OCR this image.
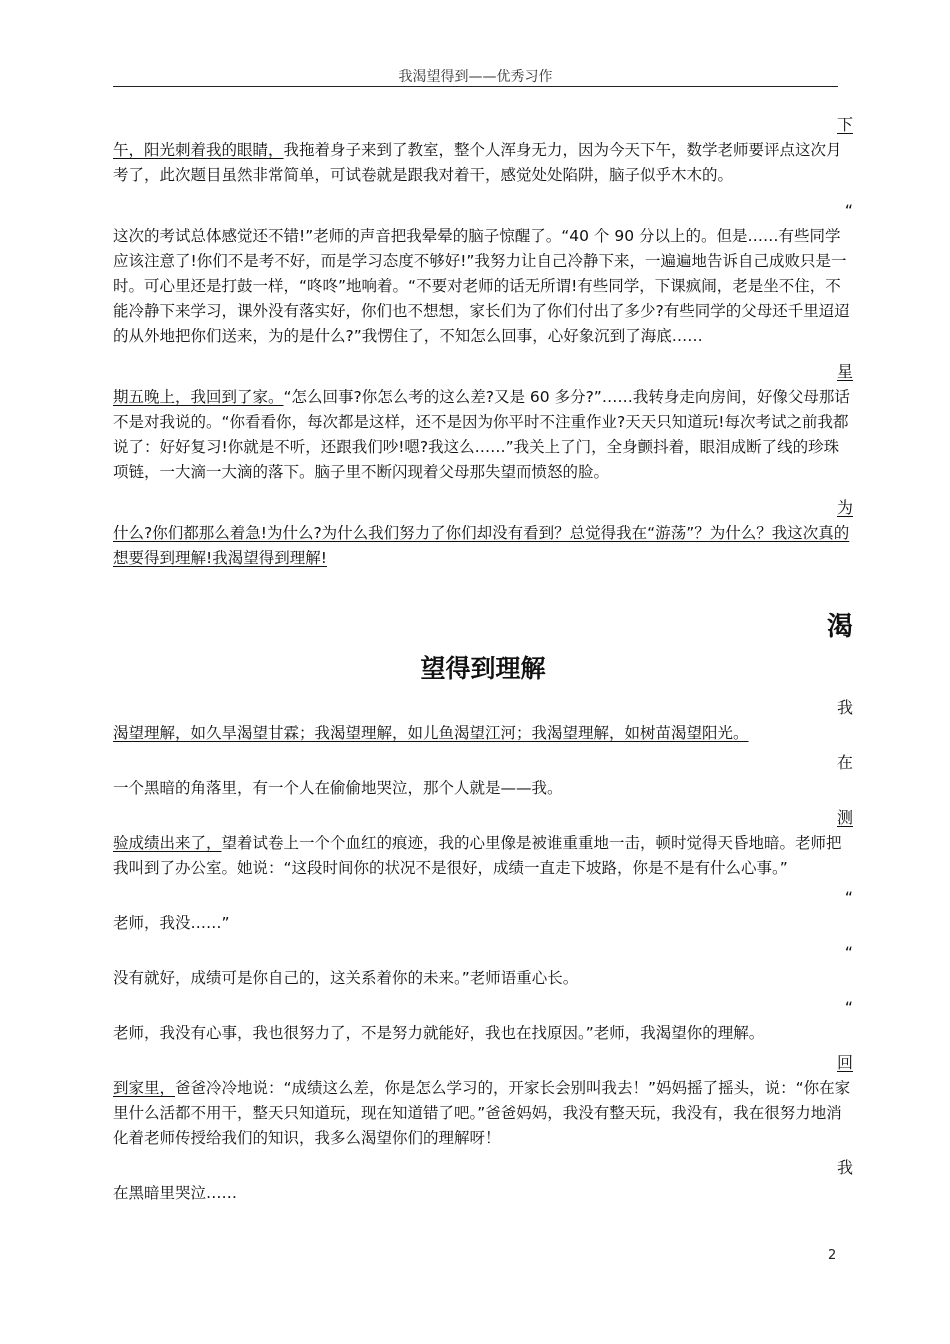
我渴望得到——优秀习作
下

午，阳光刺着我的眼睛，我拖着身子来到了教室，整个人浑身无力，因为今天下午，数学老师要评点这次月考了，此次题目虽然非常简单，可试卷就是跟我对着干，感觉处处陷阱，脑子似乎木木的。

“

这次的考试总体感觉还不错!”老师的声音把我晕晕的脑子惊醒了。“40 个 90 分以上的。但是……有些同学应该注意了!你们不是考不好，而是学习态度不够好!”我努力让自己冷静下来，一遍遍地告诉自己成败只是一时。可心里还是打鼓一样，“咚咚”地响着。“不要对老师的话无所谓!有些同学，下课疯闹，老是坐不住，不能冷静下来学习，课外没有落实好，你们也不想想，家长们为了你们付出了多少?有些同学的父母还千里迢迢的从外地把你们送来，为的是什么?”我愣住了，不知怎么回事，心好象沉到了海底……

星

期五晚上，我回到了家。“怎么回事?你怎么考的这么差?又是 60 多分?”……我转身走向房间，好像父母那话不是对我说的。“你看看你，每次都是这样，还不是因为你平时不注重作业?天天只知道玩!每次考试之前我都说了：好好复习!你就是不听，还跟我们吵!嗯?我这么……”我关上了门，全身颤抖着，眼泪成断了线的珍珠项链，一大滴一大滴的落下。脑子里不断闪现着父母那失望而愤怒的脸。

为

什么?你们都那么着急!为什么?为什么我们努力了你们却没有看到？总觉得我在“游荡”？为什么？我这次真的想要得到理解!我渴望得到理解!

渴
望得到理解
我

渴望理解，如久旱渴望甘霖；我渴望理解，如儿鱼渴望江河；我渴望理解，如树苗渴望阳光。

在

一个黑暗的角落里，有一个人在偷偷地哭泣，那个人就是——我。

测

验成绩出来了，望着试卷上一个个血红的痕迹，我的心里像是被谁重重地一击，顿时觉得天昏地暗。老师把我叫到了办公室。她说：“这段时间你的状况不是很好，成绩一直走下坡路，你是不是有什么心事。”

“

老师，我没……”

“

没有就好，成绩可是你自己的，这关系着你的未来。”老师语重心长。

“

老师，我没有心事，我也很努力了，不是努力就能好，我也在找原因。”老师，我渴望你的理解。

回

到家里，爸爸冷冷地说：“成绩这么差，你是怎么学习的，开家长会别叫我去！”妈妈摇了摇头，说：“你在家里什么活都不用干，整天只知道玩，现在知道错了吧。”爸爸妈妈，我没有整天玩，我没有，我在很努力地消化着老师传授给我们的知识，我多么渴望你们的理解呀！

我

在黑暗里哭泣……

2
